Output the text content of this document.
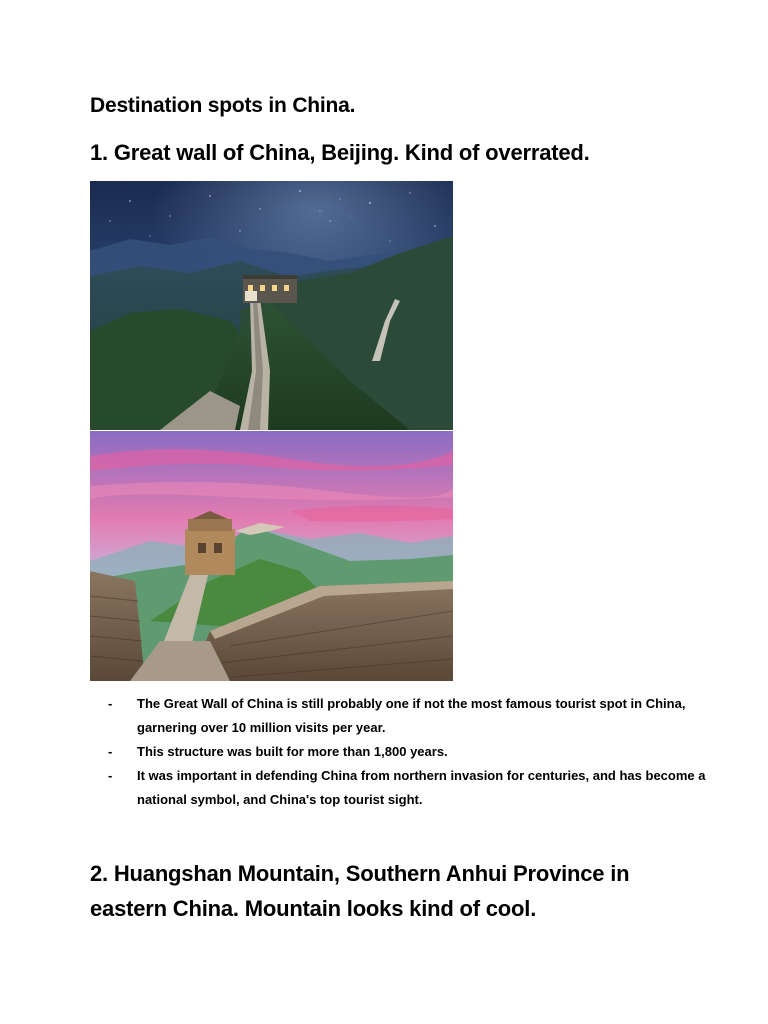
Destination spots in China.
1. Great wall of China, Beijing. Kind of overrated.
- The Great Wall of China is still probably one if not the most famous tourist spot in China, garnering over 10 million visits per year.
- This structure was built for more than 1,800 years.
- It was important in defending China from northern invasion for centuries, and has become a national symbol, and China's top tourist sight.
2. Huangshan Mountain, Southern Anhui Province in eastern China. Mountain looks kind of cool.
